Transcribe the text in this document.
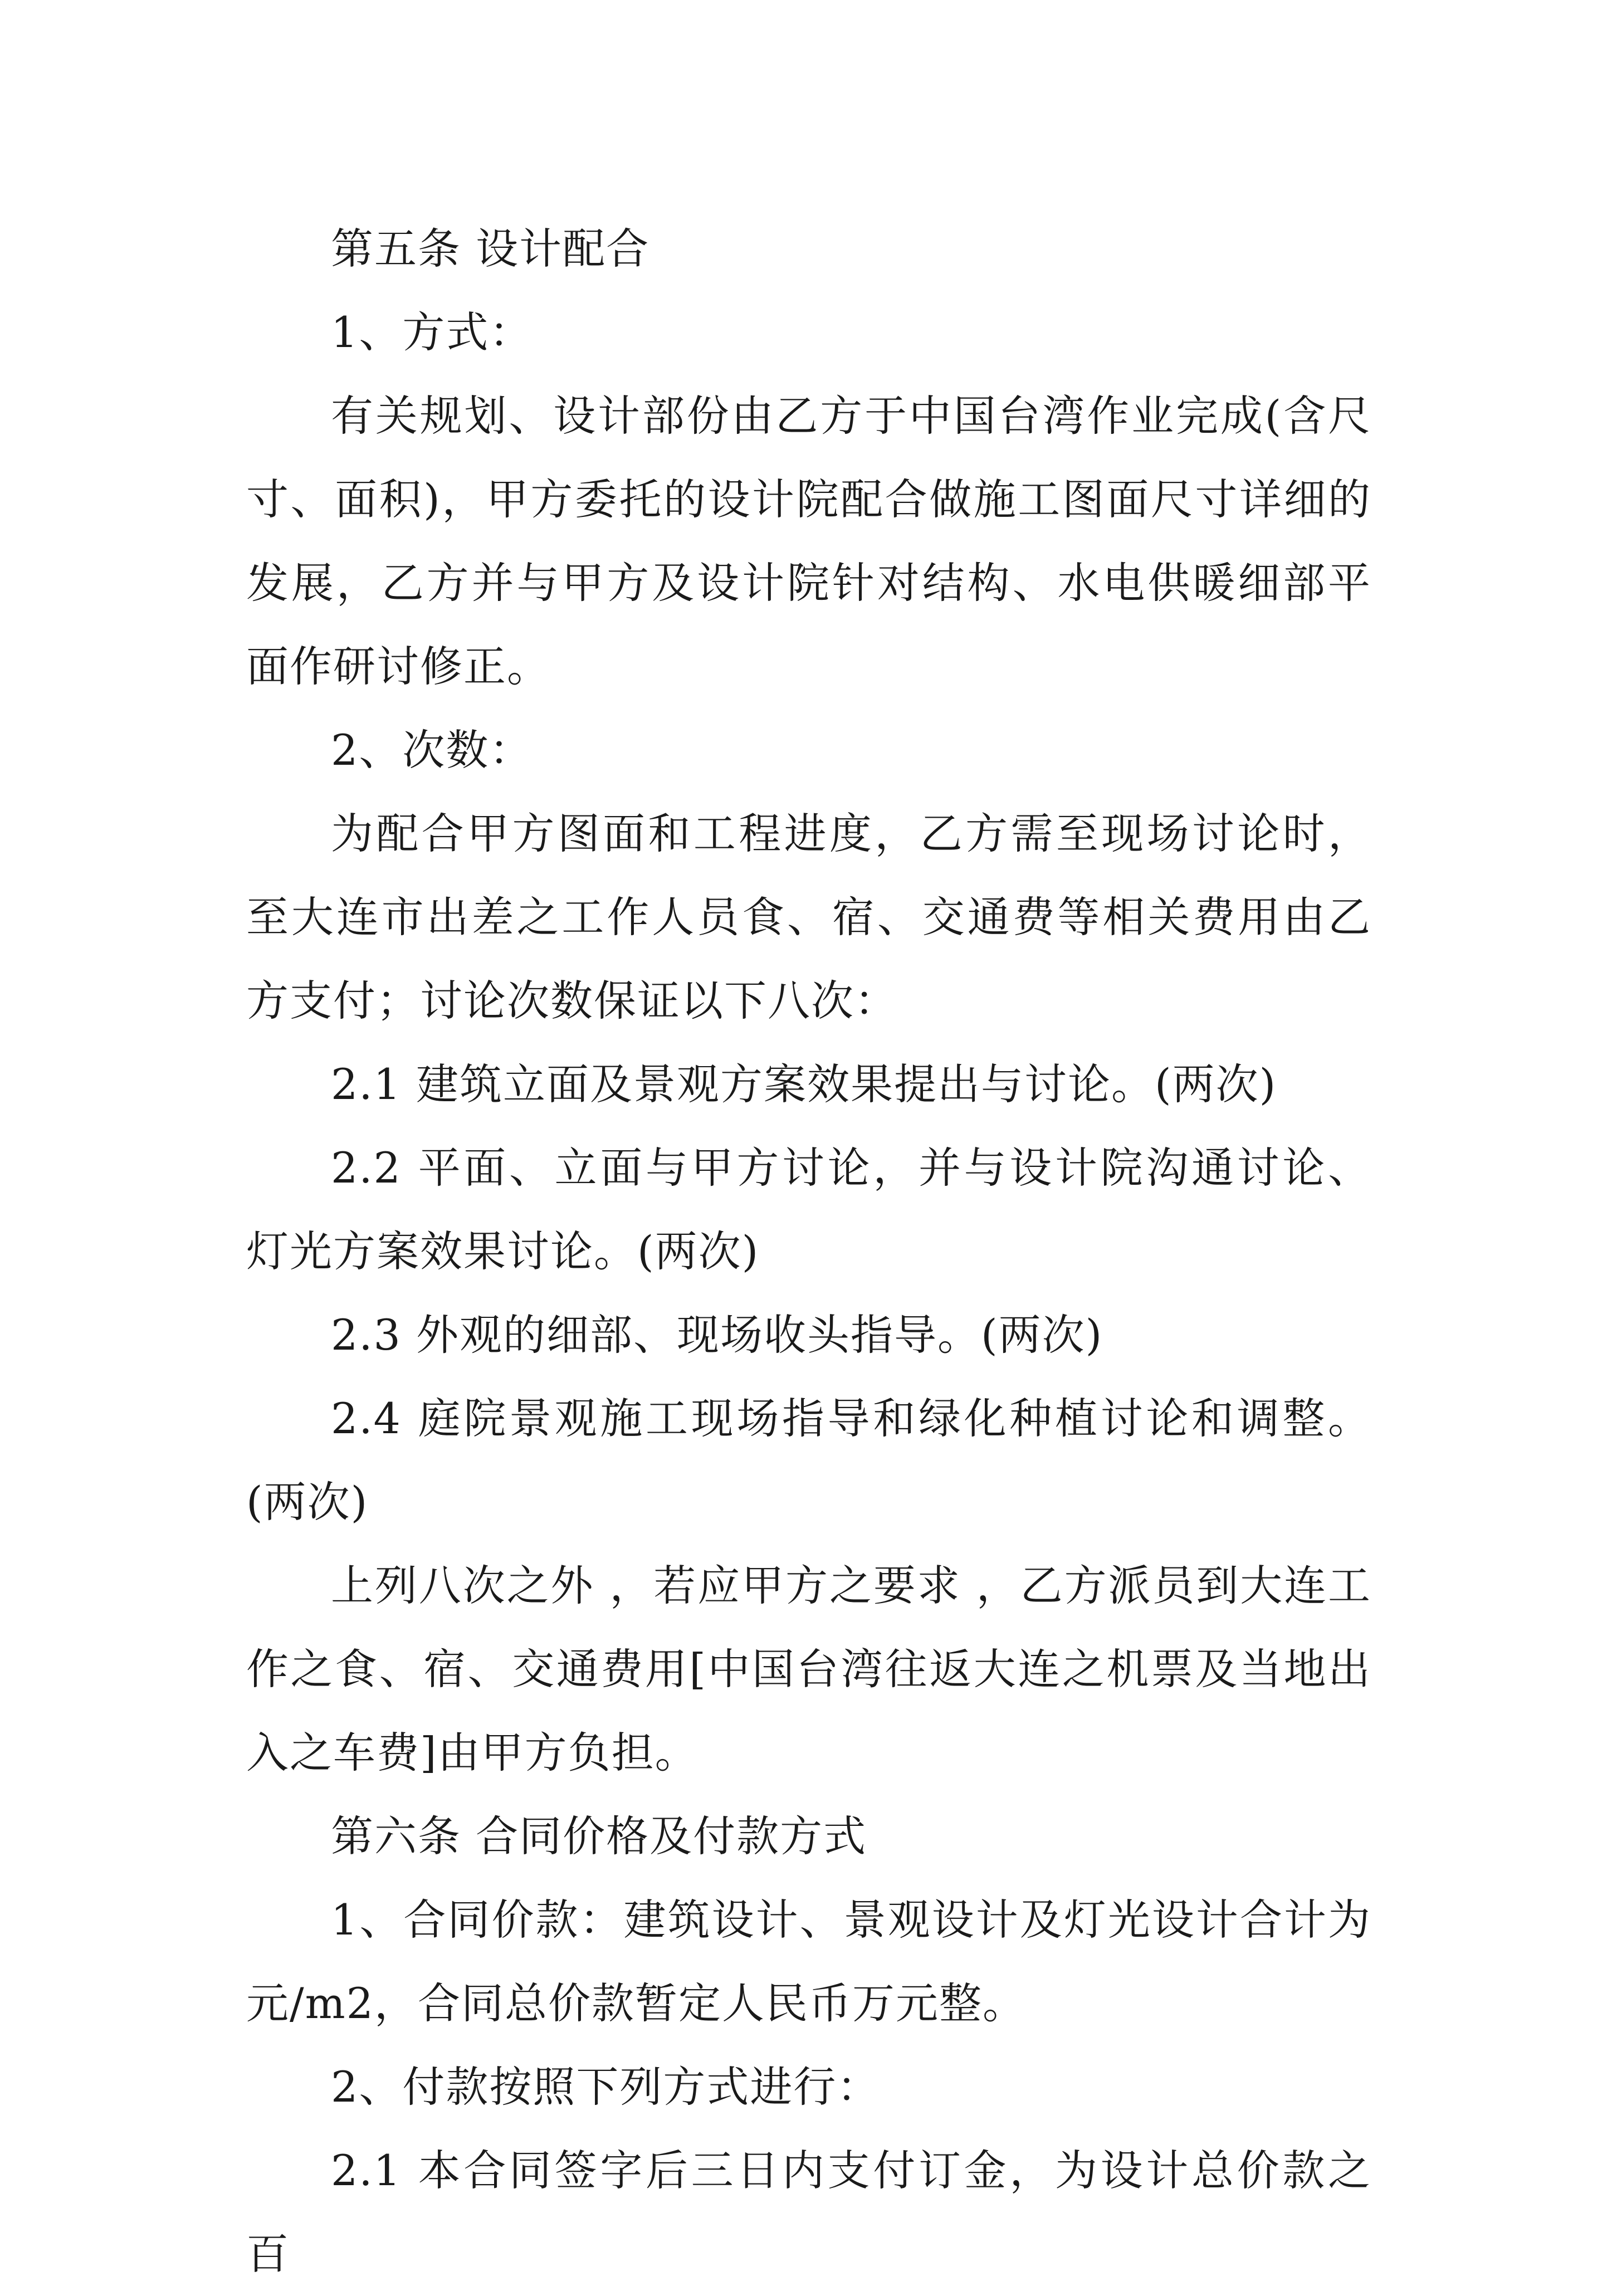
第五条 设计配合

1、方式：

有关规划、设计部份由乙方于中国台湾作业完成(含尺寸、面积)，甲方委托的设计院配合做施工图面尺寸详细的发展，乙方并与甲方及设计院针对结构、水电供暖细部平面作研讨修正。

2、次数：

为配合甲方图面和工程进度，乙方需至现场讨论时，至大连市出差之工作人员食、宿、交通费等相关费用由乙方支付；讨论次数保证以下八次：

2.1 建筑立面及景观方案效果提出与讨论。(两次)

2.2 平面、立面与甲方讨论，并与设计院沟通讨论、灯光方案效果讨论。(两次)

2.3 外观的细部、现场收头指导。(两次)

2.4 庭院景观施工现场指导和绿化种植讨论和调整。(两次)

上列八次之外 ，若应甲方之要求 ，乙方派员到大连工作之食、宿、交通费用[中国台湾往返大连之机票及当地出入之车费]由甲方负担。

第六条 合同价格及付款方式

1、合同价款：建筑设计、景观设计及灯光设计合计为元/m2，合同总价款暂定人民币万元整。

2、付款按照下列方式进行：

2.1 本合同签字后三日内支付订金，为设计总价款之百
